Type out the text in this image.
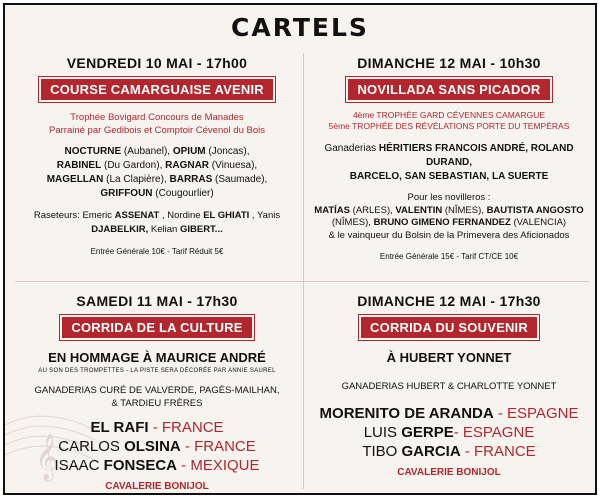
CARTELS
𝄞
VENDREDI 10 MAI - 17h00
COURSE CAMARGUAISE AVENIR
Trophée Bovigard Concours de Manades
Parrainé par Gedibois et Comptoir Cévenol du Bois
NOCTURNE (Aubanel), OPIUM (Joncas),
RABINEL (Du Gardon), RAGNAR (Vinuesa),
MAGELLAN (La Clapière), BARRAS (Saumade),
GRIFFOUN (Cougourlier)
Raseteurs: Emeric ASSENAT , Nordine EL GHIATI , Yanis
DJABELKIR, Kelian GIBERT...
Entrée Générale 10€ - Tarif Réduit 5€
DIMANCHE 12 MAI - 10h30
NOVILLADA SANS PICADOR
4ème TROPHÉE GARD CÉVENNES CAMARGUE
5ème TROPHÉE DES RÉVÉLATIONS PORTE DU TEMPÉRAS
Ganaderias HÉRITIERS FRANCOIS ANDRÉ, ROLAND DURAND,
BARCELO, SAN SEBASTIAN, LA SUERTE
Pour les novilleros :
MATÍAS (ARLES), VALENTIN (NÎMES), BAUTISTA ANGOSTO
(NÎMES), BRUNO GIMENO FERNANDEZ (VALENCIA)
& le vainqueur du Bolsin de la Primevera des Aficionados
Entrée Générale 15€ - Tarif CT/CE 10€
SAMEDI 11 MAI - 17h30
CORRIDA DE LA CULTURE
EN HOMMAGE À MAURICE ANDRÉ
AU SON DES TROMPETTES - LA PISTE SERA DÉCORÉE PAR ANNIE SAUREL
GANADERIAS CURÉ DE VALVERDE, PAGÈS-MAILHAN,
& TARDIEU FRÈRES
EL RAFI - FRANCE
CARLOS OLSINA - FRANCE
ISAAC FONSECA - MEXIQUE
CAVALERIE BONIJOL
DIMANCHE 12 MAI - 17h30
CORRIDA DU SOUVENIR
À HUBERT YONNET
GANADERIAS HUBERT & CHARLOTTE YONNET
MORENITO DE ARANDA - ESPAGNE
LUIS GERPE- ESPAGNE
TIBO GARCIA - FRANCE
CAVALERIE BONIJOL
